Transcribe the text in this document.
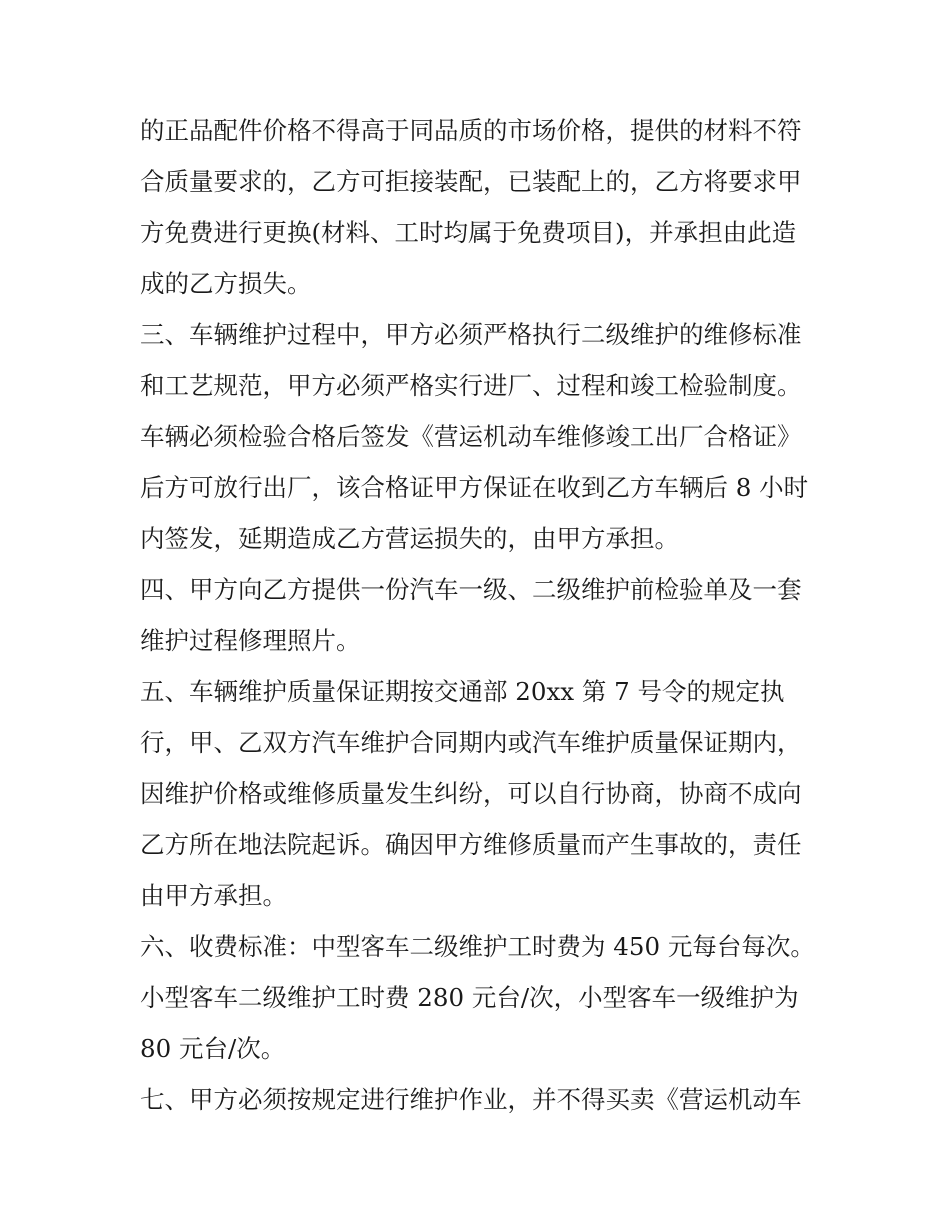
的正品配件价格不得高于同品质的市场价格，提供的材料不符

合质量要求的，乙方可拒接装配，已装配上的，乙方将要求甲

方免费进行更换(材料、工时均属于免费项目)，并承担由此造

成的乙方损失。

三、车辆维护过程中，甲方必须严格执行二级维护的维修标准

和工艺规范，甲方必须严格实行进厂、过程和竣工检验制度。

车辆必须检验合格后签发《营运机动车维修竣工出厂合格证》

后方可放行出厂，该合格证甲方保证在收到乙方车辆后 8 小时

内签发，延期造成乙方营运损失的，由甲方承担。

四、甲方向乙方提供一份汽车一级、二级维护前检验单及一套

维护过程修理照片。

五、车辆维护质量保证期按交通部 20xx 第 7 号令的规定执

行，甲、乙双方汽车维护合同期内或汽车维护质量保证期内，

因维护价格或维修质量发生纠纷，可以自行协商，协商不成向

乙方所在地法院起诉。确因甲方维修质量而产生事故的，责任

由甲方承担。

六、收费标准：中型客车二级维护工时费为 450 元每台每次。

小型客车二级维护工时费 280 元台/次，小型客车一级维护为

80 元台/次。

七、甲方必须按规定进行维护作业，并不得买卖《营运机动车
